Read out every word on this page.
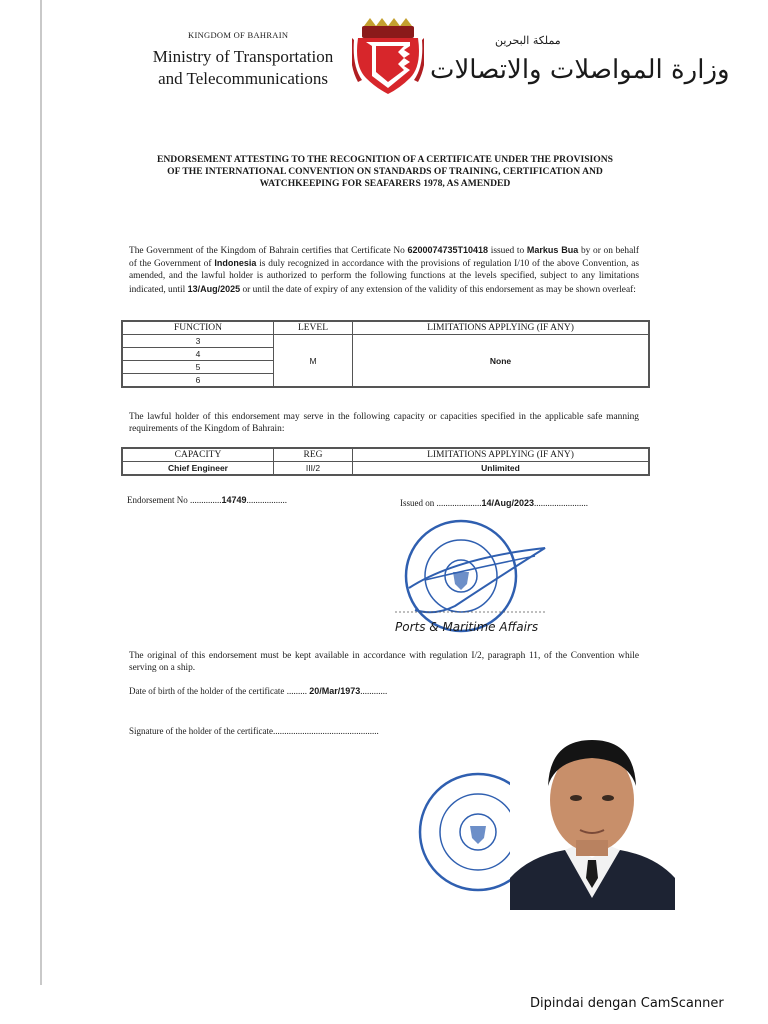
KINGDOM OF BAHRAIN
Ministry of Transportation
and Telecommunications
مملكة البحرين
وزارة المواصلات والاتصالات
ENDORSEMENT ATTESTING TO THE RECOGNITION OF A CERTIFICATE UNDER THE PROVISIONS OF THE INTERNATIONAL CONVENTION ON STANDARDS OF TRAINING, CERTIFICATION AND WATCHKEEPING FOR SEAFARERS 1978, AS AMENDED
The Government of the Kingdom of Bahrain certifies that Certificate No 6200074735T10418 issued to Markus Bua by or on behalf of the Government of Indonesia is duly recognized in accordance with the provisions of regulation I/10 of the above Convention, as amended, and the lawful holder is authorized to perform the following functions at the levels specified, subject to any limitations indicated, until 13/Aug/2025 or until the date of expiry of any extension of the validity of this endorsement as may be shown overleaf:
FUNCTION	LEVEL	LIMITATIONS APPLYING (IF ANY)
3	M	None
4		
5		
6		
The lawful holder of this endorsement may serve in the following capacity or capacities specified in the applicable safe manning requirements of the Kingdom of Bahrain:
CAPACITY	REG	LIMITATIONS APPLYING (IF ANY)
Chief Engineer	III/2	Unlimited
Endorsement No ..............14749..................	Issued on ....................14/Aug/2023........................
Ports & Maritime Affairs
The original of this endorsement must be kept available in accordance with regulation I/2, paragraph 11, of the Convention while serving on a ship.
Date of birth of the holder of the certificate ......... 20/Mar/1973............
Signature of the holder of the certificate...............................................
Dipindai dengan CamScanner
